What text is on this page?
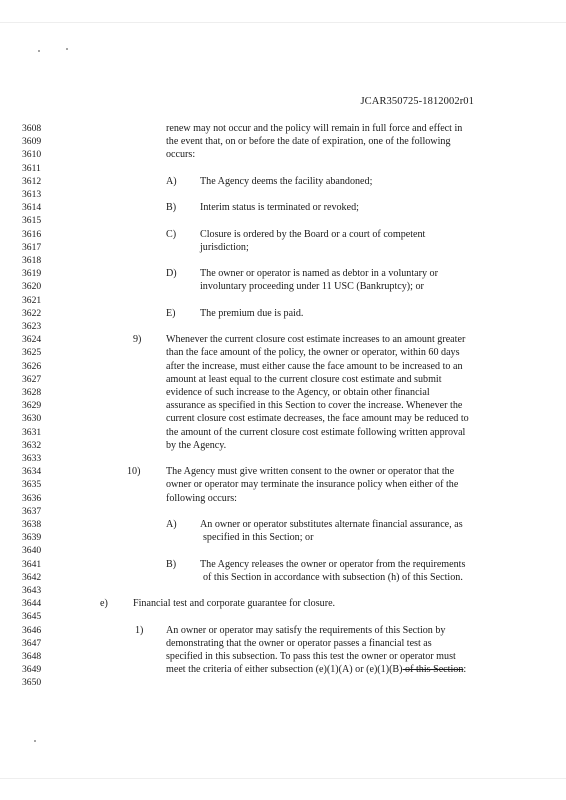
JCAR350725-1812002r01
3608
3609
3610
3611
3612
3613
3614
3615
3616
3617
3618
3619
3620
3621
3622
3623
3624
3625
3626
3627
3628
3629
3630
3631
3632
3633
3634
3635
3636
3637
3638
3639
3640
3641
3642
3643
3644
3645
3646
3647
3648
3649
3650
renew may not occur and the policy will remain in full force and effect in
the event that, on or before the date of expiration, one of the following
occurs:
A) The Agency deems the facility abandoned;
B) Interim status is terminated or revoked;
C) Closure is ordered by the Board or a court of competent
jurisdiction;
D) The owner or operator is named as debtor in a voluntary or
involuntary proceeding under 11 USC (Bankruptcy); or
E) The premium due is paid.
9) Whenever the current closure cost estimate increases to an amount greater
than the face amount of the policy, the owner or operator, within 60 days
after the increase, must either cause the face amount to be increased to an
amount at least equal to the current closure cost estimate and submit
evidence of such increase to the Agency, or obtain other financial
assurance as specified in this Section to cover the increase. Whenever the
current closure cost estimate decreases, the face amount may be reduced to
the amount of the current closure cost estimate following written approval
by the Agency.
10)	The Agency must give written consent to the owner or operator that the
owner or operator may terminate the insurance policy when either of the
following occurs:
A) An owner or operator substitutes alternate financial assurance, as
specified in this Section; or
B) The Agency releases the owner or operator from the requirements
of this Section in accordance with subsection (h) of this Section.
e) Financial test and corporate guarantee for closure.
1) An owner or operator may satisfy the requirements of this Section by
demonstrating that the owner or operator passes a financial test as
specified in this subsection. To pass this test the owner or operator must
meet the criteria of either subsection (e)(1)(A) or (e)(1)(B) of this Section:
